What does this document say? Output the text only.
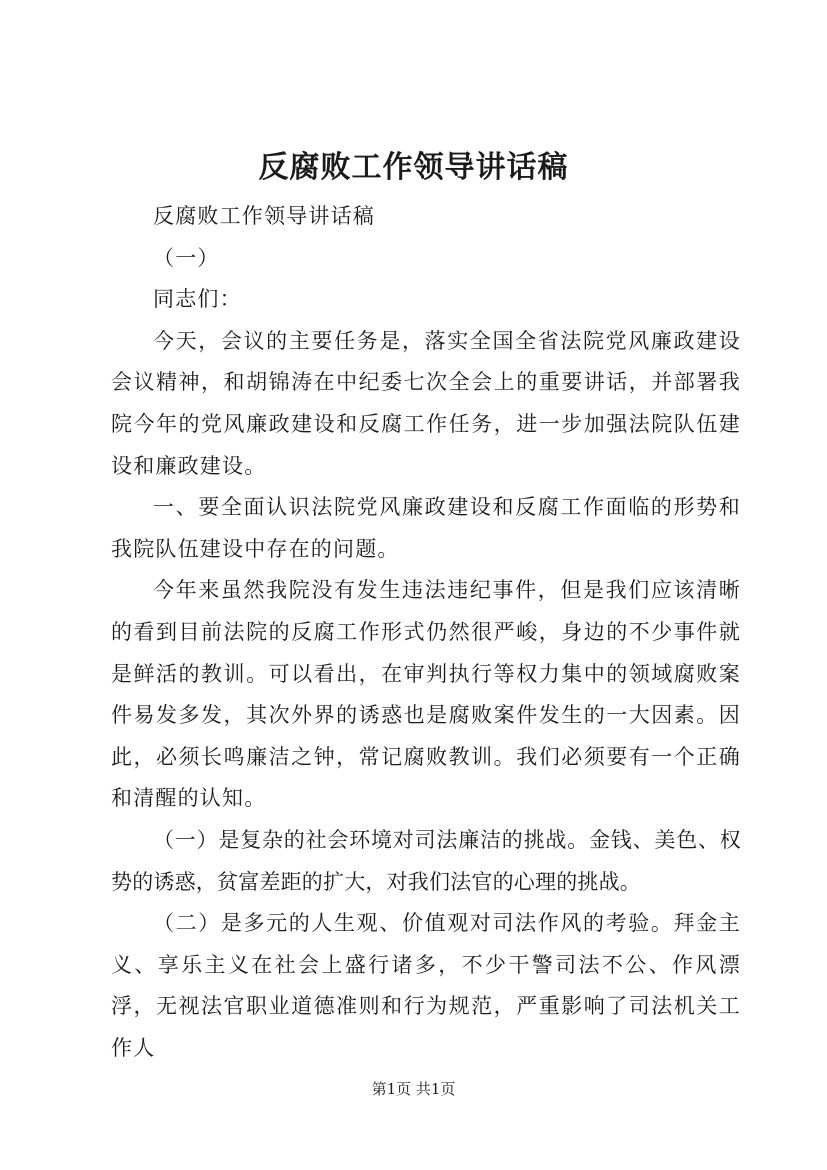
反腐败工作领导讲话稿

反腐败工作领导讲话稿

（一）

同志们：

今天，会议的主要任务是，落实全国全省法院党风廉政建设会议精神，和胡锦涛在中纪委七次全会上的重要讲话，并部署我院今年的党风廉政建设和反腐工作任务，进一步加强法院队伍建设和廉政建设。

一、要全面认识法院党风廉政建设和反腐工作面临的形势和我院队伍建设中存在的问题。

今年来虽然我院没有发生违法违纪事件，但是我们应该清晰的看到目前法院的反腐工作形式仍然很严峻，身边的不少事件就是鲜活的教训。可以看出，在审判执行等权力集中的领域腐败案件易发多发，其次外界的诱惑也是腐败案件发生的一大因素。因此，必须长鸣廉洁之钟，常记腐败教训。我们必须要有一个正确和清醒的认知。

（一）是复杂的社会环境对司法廉洁的挑战。金钱、美色、权势的诱惑，贫富差距的扩大，对我们法官的心理的挑战。

（二）是多元的人生观、价值观对司法作风的考验。拜金主义、享乐主义在社会上盛行诸多，不少干警司法不公、作风漂浮，无视法官职业道德准则和行为规范，严重影响了司法机关工作人

第1页 共1页
